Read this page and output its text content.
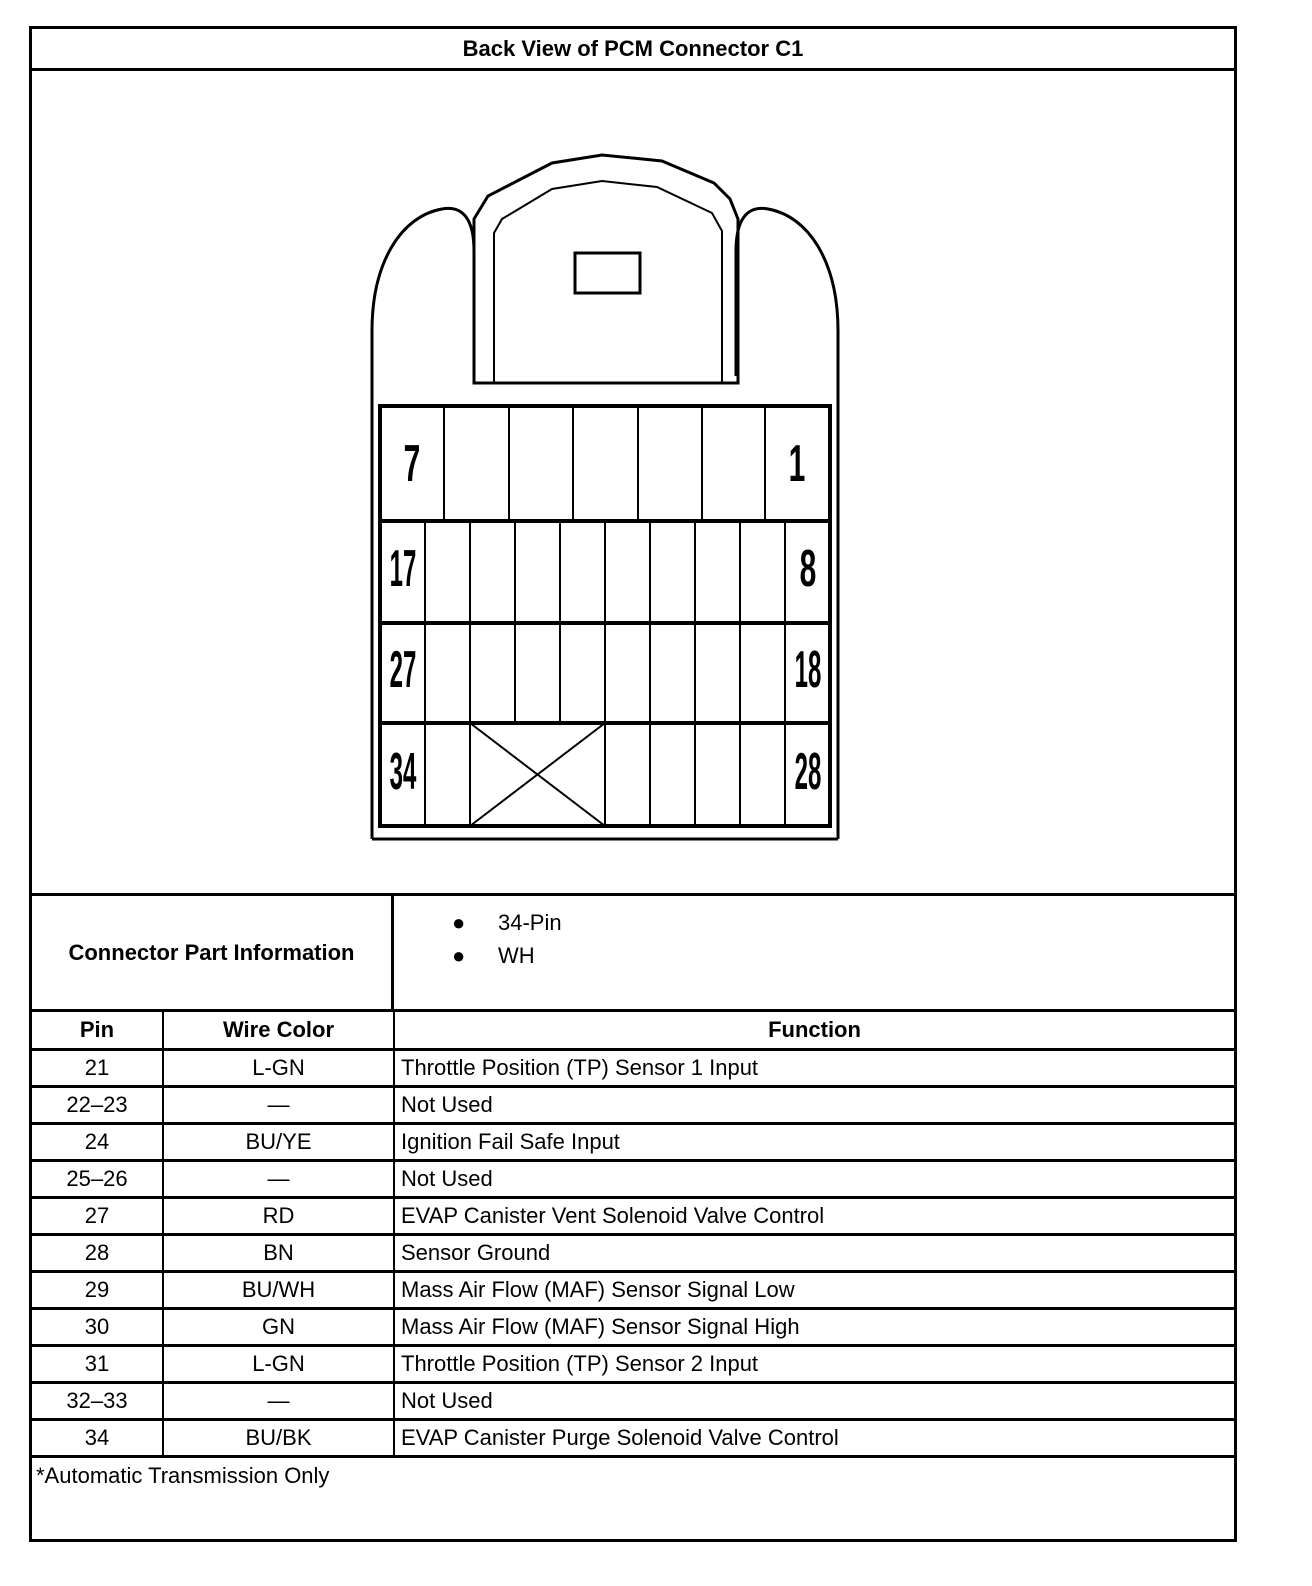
Back View of PCM Connector C1
7	1
17	8
27	18
34	28
Connector Part Information
● 34-Pin
● WH
Pin	Wire Color	Function
21	L-GN	Throttle Position (TP) Sensor 1 Input
22–23	—	Not Used
24	BU/YE	Ignition Fail Safe Input
25–26	—	Not Used
27	RD	EVAP Canister Vent Solenoid Valve Control
28	BN	Sensor Ground
29	BU/WH	Mass Air Flow (MAF) Sensor Signal Low
30	GN	Mass Air Flow (MAF) Sensor Signal High
31	L-GN	Throttle Position (TP) Sensor 2 Input
32–33	—	Not Used
34	BU/BK	EVAP Canister Purge Solenoid Valve Control
*Automatic Transmission Only		
